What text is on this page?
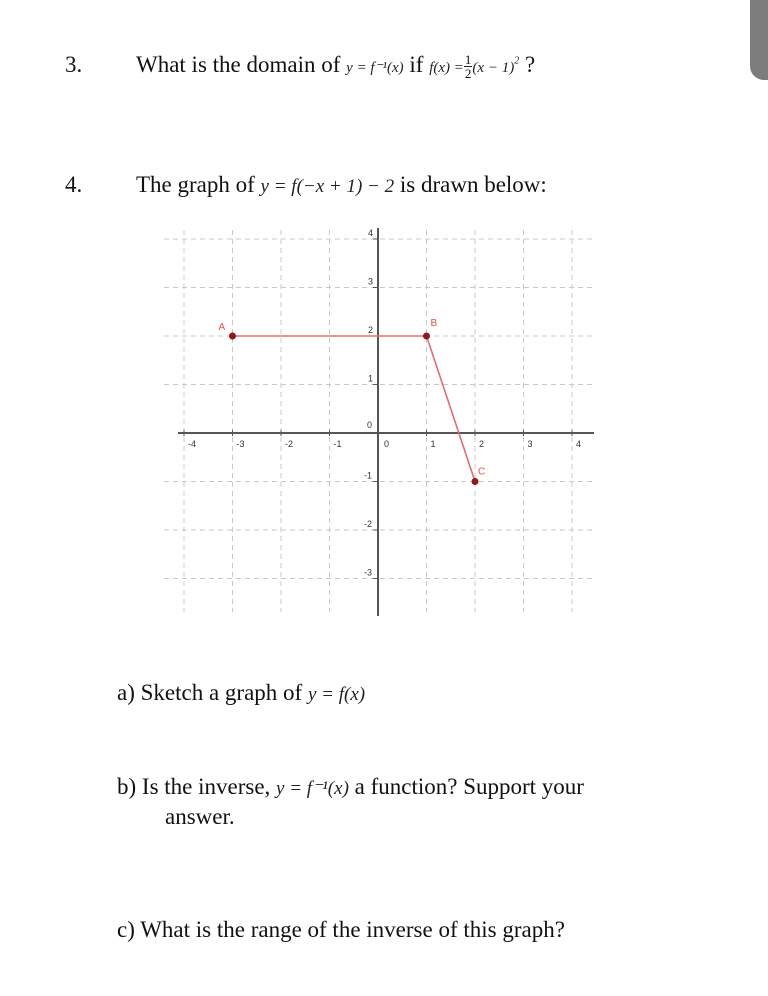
3. What is the domain of y = f⁻¹(x) if $f(x) = \frac{1}{2} (x - 1)^2$ ?
4. The graph of y = f(−x + 1) − 2 is drawn below:
-4	-3	-2	-1	0	1	2	3	4
-3
-2
-1
0
1
2
3
4
A	B
C
a) Sketch a graph of y = f(x)
b) Is the inverse, y = f⁻¹(x) a function? Support your
answer.
c) What is the range of the inverse of this graph?
